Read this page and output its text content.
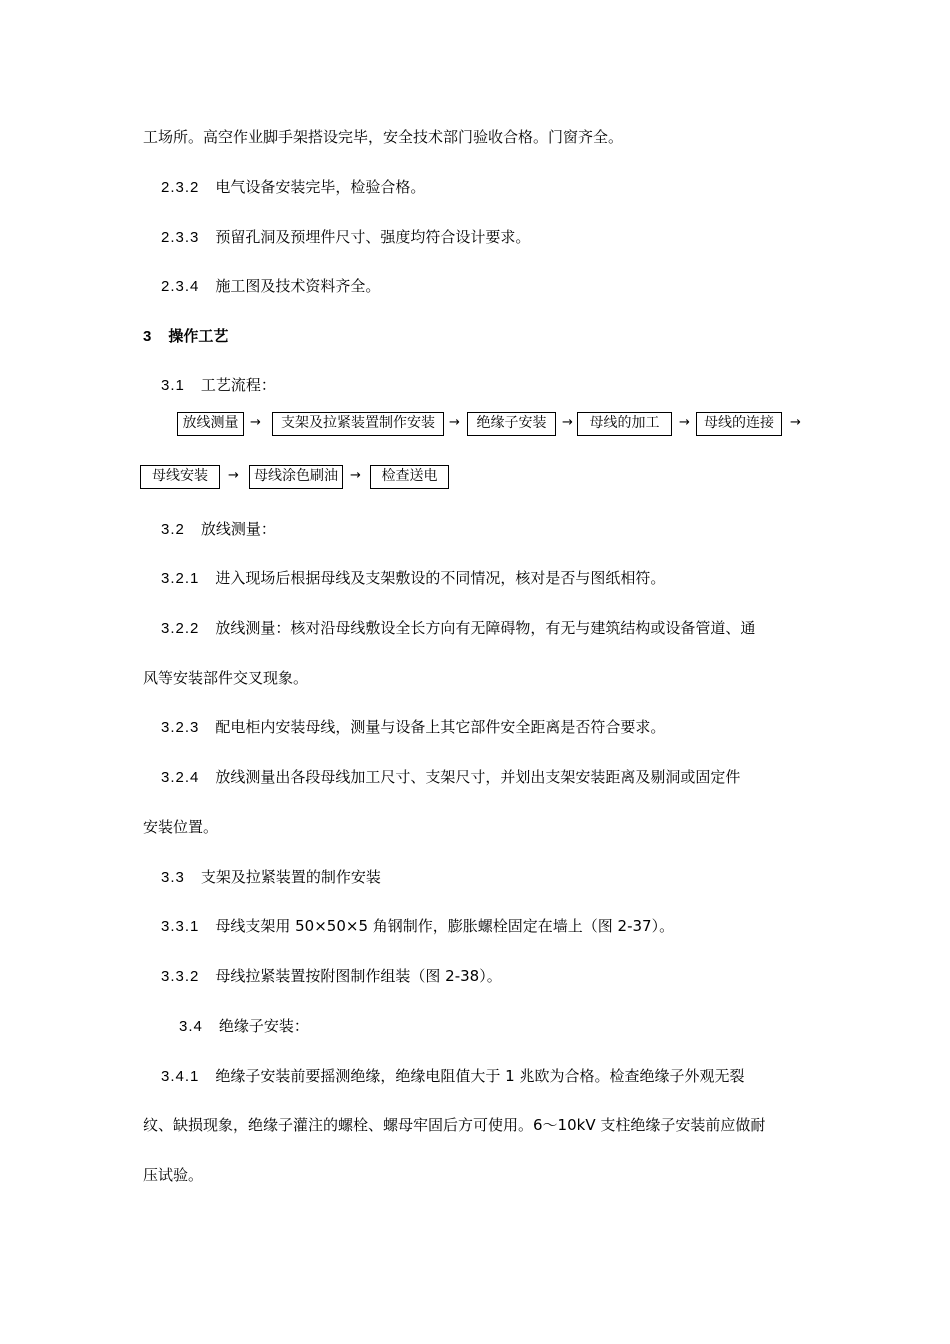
工场所。高空作业脚手架搭设完毕，安全技术部门验收合格。门窗齐全。
2.3.2 电气设备安装完毕，检验合格。
2.3.3 预留孔洞及预埋件尺寸、强度均符合设计要求。
2.3.4 施工图及技术资料齐全。
3 操作工艺
3.1 工艺流程：
放线测量 →	支架及拉紧装置制作安装	→	绝缘子安装	→	母线的加工	→	母线的连接	→
母线安装	→	母线涂色刷油 →	检查送电
3.2 放线测量：
3.2.1 进入现场后根据母线及支架敷设的不同情况，核对是否与图纸相符。
3.2.2 放线测量：核对沿母线敷设全长方向有无障碍物，有无与建筑结构或设备管道、通
风等安装部件交叉现象。
3.2.3 配电柜内安装母线，测量与设备上其它部件安全距离是否符合要求。
3.2.4 放线测量出各段母线加工尺寸、支架尺寸，并划出支架安装距离及剔洞或固定件
安装位置。
3.3 支架及拉紧装置的制作安装
3.3.1 母线支架用 50×50×5 角钢制作，膨胀螺栓固定在墙上（图 2-37）。
3.3.2 母线拉紧装置按附图制作组装（图 2-38）。
3.4 绝缘子安装：
3.4.1 绝缘子安装前要摇测绝缘，绝缘电阻值大于 1 兆欧为合格。检查绝缘子外观无裂
纹、缺损现象，绝缘子灌注的螺栓、螺母牢固后方可使用。6～10kV 支柱绝缘子安装前应做耐
压试验。
